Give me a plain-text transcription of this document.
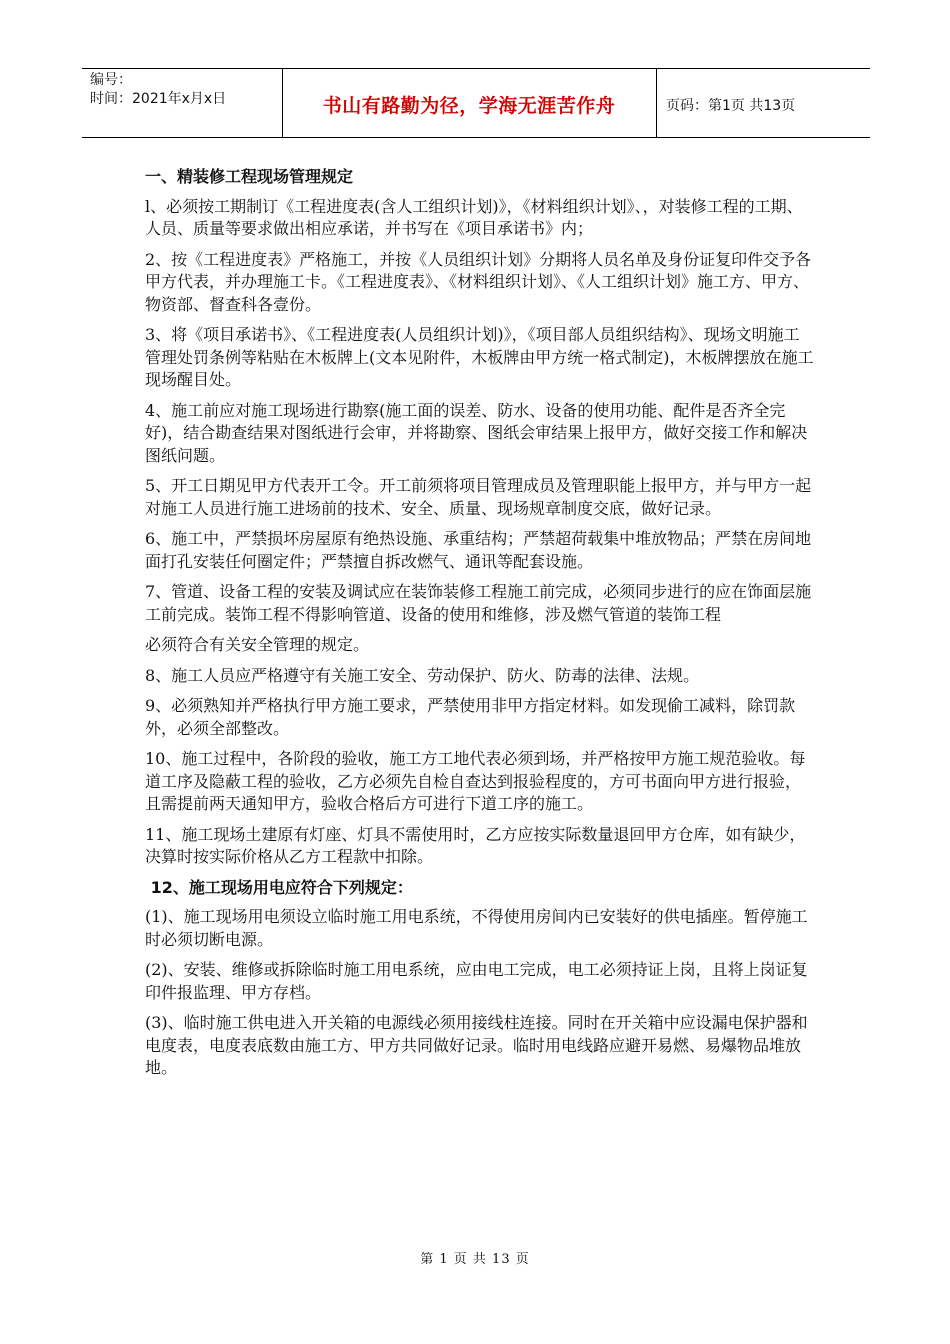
编号：
时间：2021年x月x日	书山有路勤为径，学海无涯苦作舟	页码：第1页 共13页
一、精装修工程现场管理规定

l、必须按工期制订《工程进度表(含人工组织计划)》，《材料组织计划》、，对装修工程的工期、人员、质量等要求做出相应承诺，并书写在《项目承诺书》内；

2、按《工程进度表》严格施工，并按《人员组织计划》分期将人员名单及身份证复印件交予各甲方代表，并办理施工卡。《工程进度表》、《材料组织计划》、《人工组织计划》施工方、甲方、物资部、督查科各壹份。

3、将《项目承诺书》、《工程进度表(人员组织计划)》，《项目部人员组织结构》、现场文明施工管理处罚条例等粘贴在木板牌上(文本见附件，木板牌由甲方统一格式制定)，木板牌摆放在施工现场醒目处。

4、施工前应对施工现场进行勘察(施工面的误差、防水、设备的使用功能、配件是否齐全完好)，结合勘查结果对图纸进行会审，并将勘察、图纸会审结果上报甲方，做好交接工作和解决图纸问题。

5、开工日期见甲方代表开工令。开工前须将项目管理成员及管理职能上报甲方，并与甲方一起对施工人员进行施工进场前的技术、安全、质量、现场规章制度交底，做好记录。

6、施工中，严禁损坏房屋原有绝热设施、承重结构；严禁超荷载集中堆放物品；严禁在房间地面打孔安装任何圈定件；严禁擅自拆改燃气、通讯等配套设施。

7、管道、设备工程的安装及调试应在装饰装修工程施工前完成，必须同步进行的应在饰面层施工前完成。装饰工程不得影响管道、设备的使用和维修，涉及燃气管道的装饰工程

必须符合有关安全管理的规定。

8、施工人员应严格遵守有关施工安全、劳动保护、防火、防毒的法律、法规。

9、必须熟知并严格执行甲方施工要求，严禁使用非甲方指定材料。如发现偷工减料，除罚款外，必须全部整改。

10、施工过程中，各阶段的验收，施工方工地代表必须到场，并严格按甲方施工规范验收。每道工序及隐蔽工程的验收，乙方必须先自检自查达到报验程度的，方可书面向甲方进行报验，且需提前两天通知甲方，验收合格后方可进行下道工序的施工。

11、施工现场土建原有灯座、灯具不需使用时，乙方应按实际数量退回甲方仓库，如有缺少，决算时按实际价格从乙方工程款中扣除。

12、施工现场用电应符合下列规定：

(1)、施工现场用电须设立临时施工用电系统，不得使用房间内已安装好的供电插座。暂停施工时必须切断电源。

(2)、安装、维修或拆除临时施工用电系统，应由电工完成，电工必须持证上岗，且将上岗证复印件报监理、甲方存档。

(3)、临时施工供电进入开关箱的电源线必须用接线柱连接。同时在开关箱中应设漏电保护器和电度表，电度表底数由施工方、甲方共同做好记录。临时用电线路应避开易燃、易爆物品堆放地。

第 1 页 共 13 页
